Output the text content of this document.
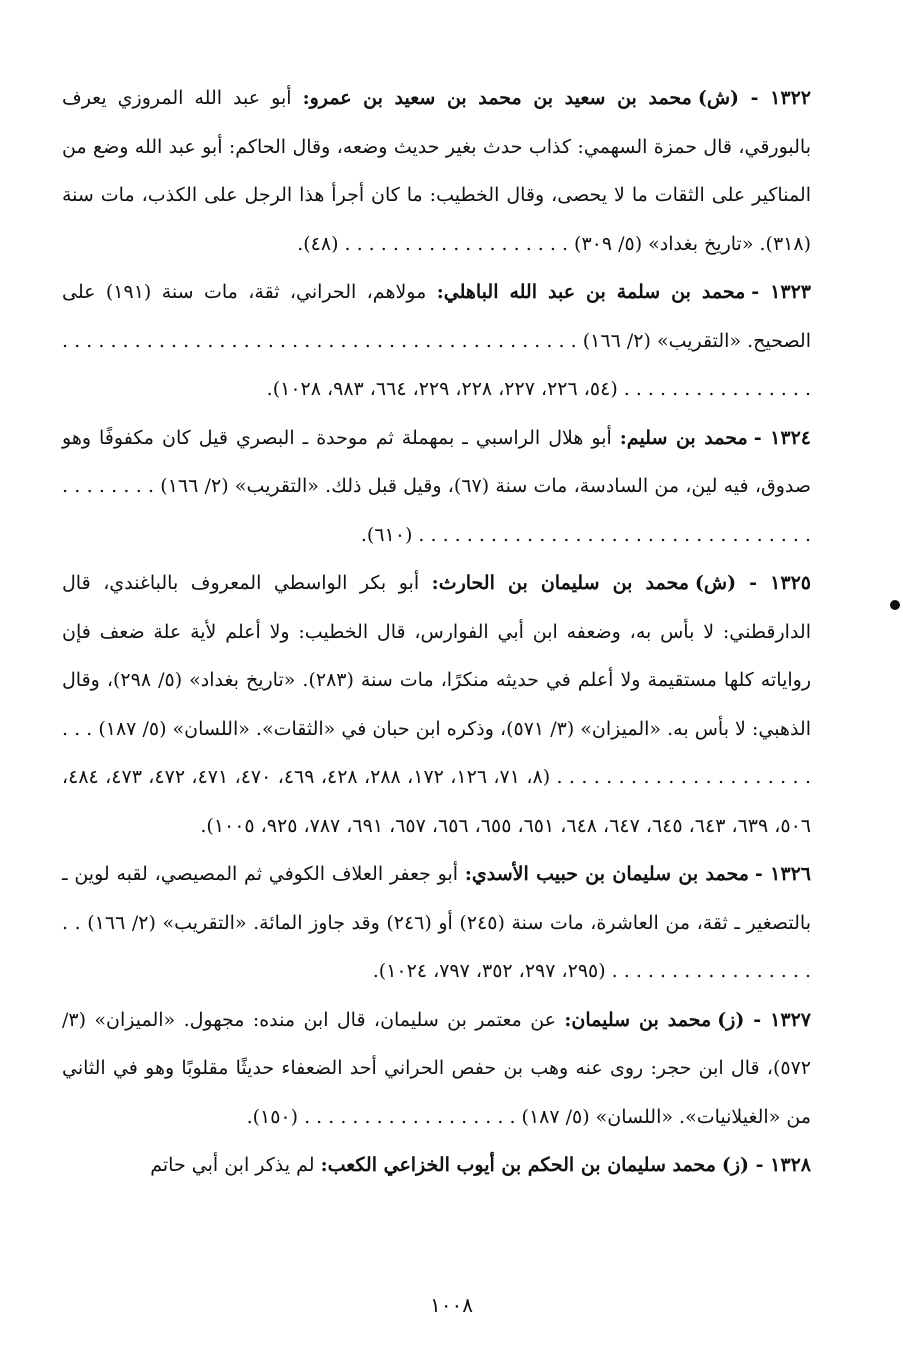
١٣٢٢ - (ش)محمد بن سعيد بن محمد بن سعيد بن عمرو : أبو عبد الله المروزي يعرف بالبورقي، قال حمزة السهمي: كذاب حدث بغير حديث وضعه، وقال الحاكم: أبو عبد الله وضع من المناكير على الثقات ما لا يحصى، وقال الخطيب: ما كان أجرأ هذا الرجل على الكذب، مات سنة (٣١٨). «تاريخ بغداد» (٥/ ٣٠٩) . . . . . . . . . . . . . . . . . . . (٤٨).
١٣٢٣ -محمد بن سلمة بن عبد الله الباهلي : مولاهم، الحراني، ثقة، مات سنة (١٩١) على الصحيح. «التقريب» (٢/ ١٦٦) . . . . . . . . . . . . . . . . . . . . . . . . . . . . . . . . . . . . . . . . . . . . . . . . . . . . . . . . . . . (٥٤، ٢٢٦، ٢٢٧، ٢٢٨، ٢٢٩، ٦٦٤، ٩٨٣، ١٠٢٨).
١٣٢٤ -محمد بن سليم : أبو هلال الراسبي ـ بمهملة ثم موحدة ـ البصري قيل كان مكفوفًا وهو صدوق، فيه لين، من السادسة، مات سنة (٦٧)، وقيل قبل ذلك. «التقريب» (٢/ ١٦٦) . . . . . . . . . . . . . . . . . . . . . . . . . . . . . . . . . . . . . . . . . (٦١٠).
١٣٢٥ - (ش)محمد بن سليمان بن الحارث : أبو بكر الواسطي المعروف بالباغندي، قال الدارقطني: لا بأس به، وضعفه ابن أبي الفوارس، قال الخطيب: ولا أعلم لأية علة ضعف فإن رواياته كلها مستقيمة ولا أعلم في حديثه منكرًا، مات سنة (٢٨٣). «تاريخ بغداد» (٥/ ٢٩٨)، وقال الذهبي: لا بأس به. «الميزان» (٣/ ٥٧١)، وذكره ابن حبان في «الثقات». «اللسان» (٥/ ١٨٧) . . . . . . . . . . . . . . . . . . . . . . . . (٨، ٧١، ١٢٦، ١٧٢، ٢٨٨، ٤٢٨، ٤٦٩، ٤٧٠، ٤٧١، ٤٧٢، ٤٧٣، ٤٨٤، ٥٠٦، ٦٣٩، ٦٤٣، ٦٤٥، ٦٤٧، ٦٤٨، ٦٥١، ٦٥٥، ٦٥٦، ٦٥٧، ٦٩١، ٧٨٧، ٩٢٥، ١٠٠٥).
١٣٢٦ -محمد بن سليمان بن حبيب الأسدي : أبو جعفر العلاف الكوفي ثم المصيصي، لقبه لوين ـ بالتصغير ـ ثقة، من العاشرة، مات سنة (٢٤٥) أو (٢٤٦) وقد جاوز المائة. «التقريب» (٢/ ١٦٦) . . . . . . . . . . . . . . . . . . . (٢٩٥، ٢٩٧، ٣٥٢، ٧٩٧، ١٠٢٤).
١٣٢٧ - (ز)محمد بن سليمان : عن معتمر بن سليمان، قال ابن منده: مجهول. «الميزان» (٣/ ٥٧٢)، قال ابن حجر: روى عنه وهب بن حفص الحراني أحد الضعفاء حديثًا مقلوبًا وهو في الثاني من «الغيلانيات». «اللسان» (٥/ ١٨٧) . . . . . . . . . . . . . . . . . . (١٥٠).
١٣٢٨ - (ز)محمد سليمان بن الحكم بن أيوب الخزاعي الكعب : لم يذكر ابن أبي حاتم
١٠٠٨
